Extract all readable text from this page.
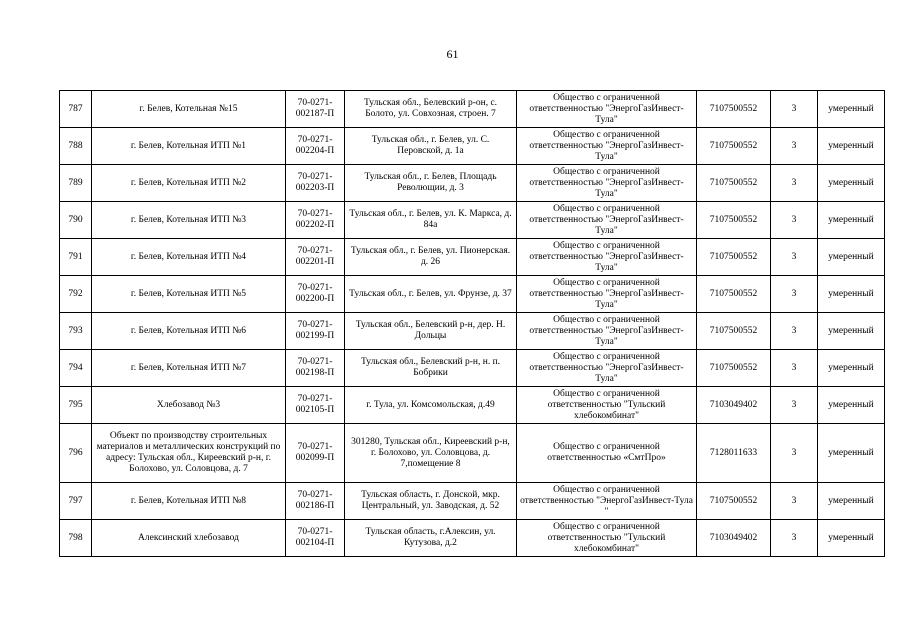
61
787	г. Белев, Котельная №15	70-0271-002187-П	Тульская обл., Белевский р-он, с. Болото, ул. Совхозная, строен. 7	Общество с ограниченной ответственностью "ЭнергоГазИнвест-Тула"	7107500552	3	умеренный
788	г. Белев, Котельная ИТП №1	70-0271-002204-П	Тульская обл., г. Белев, ул. С. Перовской, д. 1а	Общество с ограниченной ответственностью "ЭнергоГазИнвест-Тула"	7107500552	3	умеренный
789	г. Белев, Котельная ИТП №2	70-0271-002203-П	Тульская обл., г. Белев, Площадь Револющии, д. 3	Общество с ограниченной ответственностью "ЭнергоГазИнвест-Тула"	7107500552	3	умеренный
790	г. Белев, Котельная ИТП №3	70-0271-002202-П	Тульская обл., г. Белев, ул. К. Маркса, д. 84а	Общество с ограниченной ответственностью "ЭнергоГазИнвест-Тула"	7107500552	3	умеренный
791	г. Белев, Котельная ИТП №4	70-0271-002201-П	Тульская обл., г. Белев, ул. Пионерская. д. 26	Общество с ограниченной ответственностью "ЭнергоГазИнвест-Тула"	7107500552	3	умеренный
792	г. Белев, Котельная ИТП №5	70-0271-002200-П	Тульская обл., г. Белев, ул. Фрунзе, д. 37	Общество с ограниченной ответственностью "ЭнергоГазИнвест-Тула"	7107500552	3	умеренный
793	г. Белев, Котельная ИТП №6	70-0271-002199-П	Тульская обл., Белевский р-н, дер. Н. Дольцы	Общество с ограниченной ответственностью "ЭнергоГазИнвест-Тула"	7107500552	3	умеренный
794	г. Белев, Котельная ИТП №7	70-0271-002198-П	Тульская обл., Белевский р-н, н. п. Бобрики	Общество с ограниченной ответственностью "ЭнергоГазИнвест-Тула"	7107500552	3	умеренный
795	Хлебозавод №3	70-0271-002105-П	г. Тула, ул. Комсомольская, д.49	Общество с ограниченной ответственностью "Тульский хлебокомбинат"	7103049402	3	умеренный
796	Объект по производству строительных материалов и металлических конструкций по адресу: Тульская обл., Киреевский р-н, г. Болохово, ул. Соловцова, д. 7	70-0271-002099-П	301280, Тульская обл., Киреевский р-н, г. Болохово, ул. Соловцова, д. 7,помещение 8	Общество с ограниченной ответственностью «СмтПро»	7128011633	3	умеренный
797	г. Белев, Котельная ИТП №8	70-0271-002186-П	Тульская область, г. Донской, мкр. Центральный, ул. Заводская, д. 52	Общество с ограниченной ответственностью "ЭнергоГазИнвест-Тула "	7107500552	3	умеренный
798	Алексинский хлебозавод	70-0271-002104-П	Тульская область, г.Алексин, ул. Кутузова, д.2	Общество с ограниченной ответственностью "Тульский хлебокомбинат"	7103049402	3	умеренный
